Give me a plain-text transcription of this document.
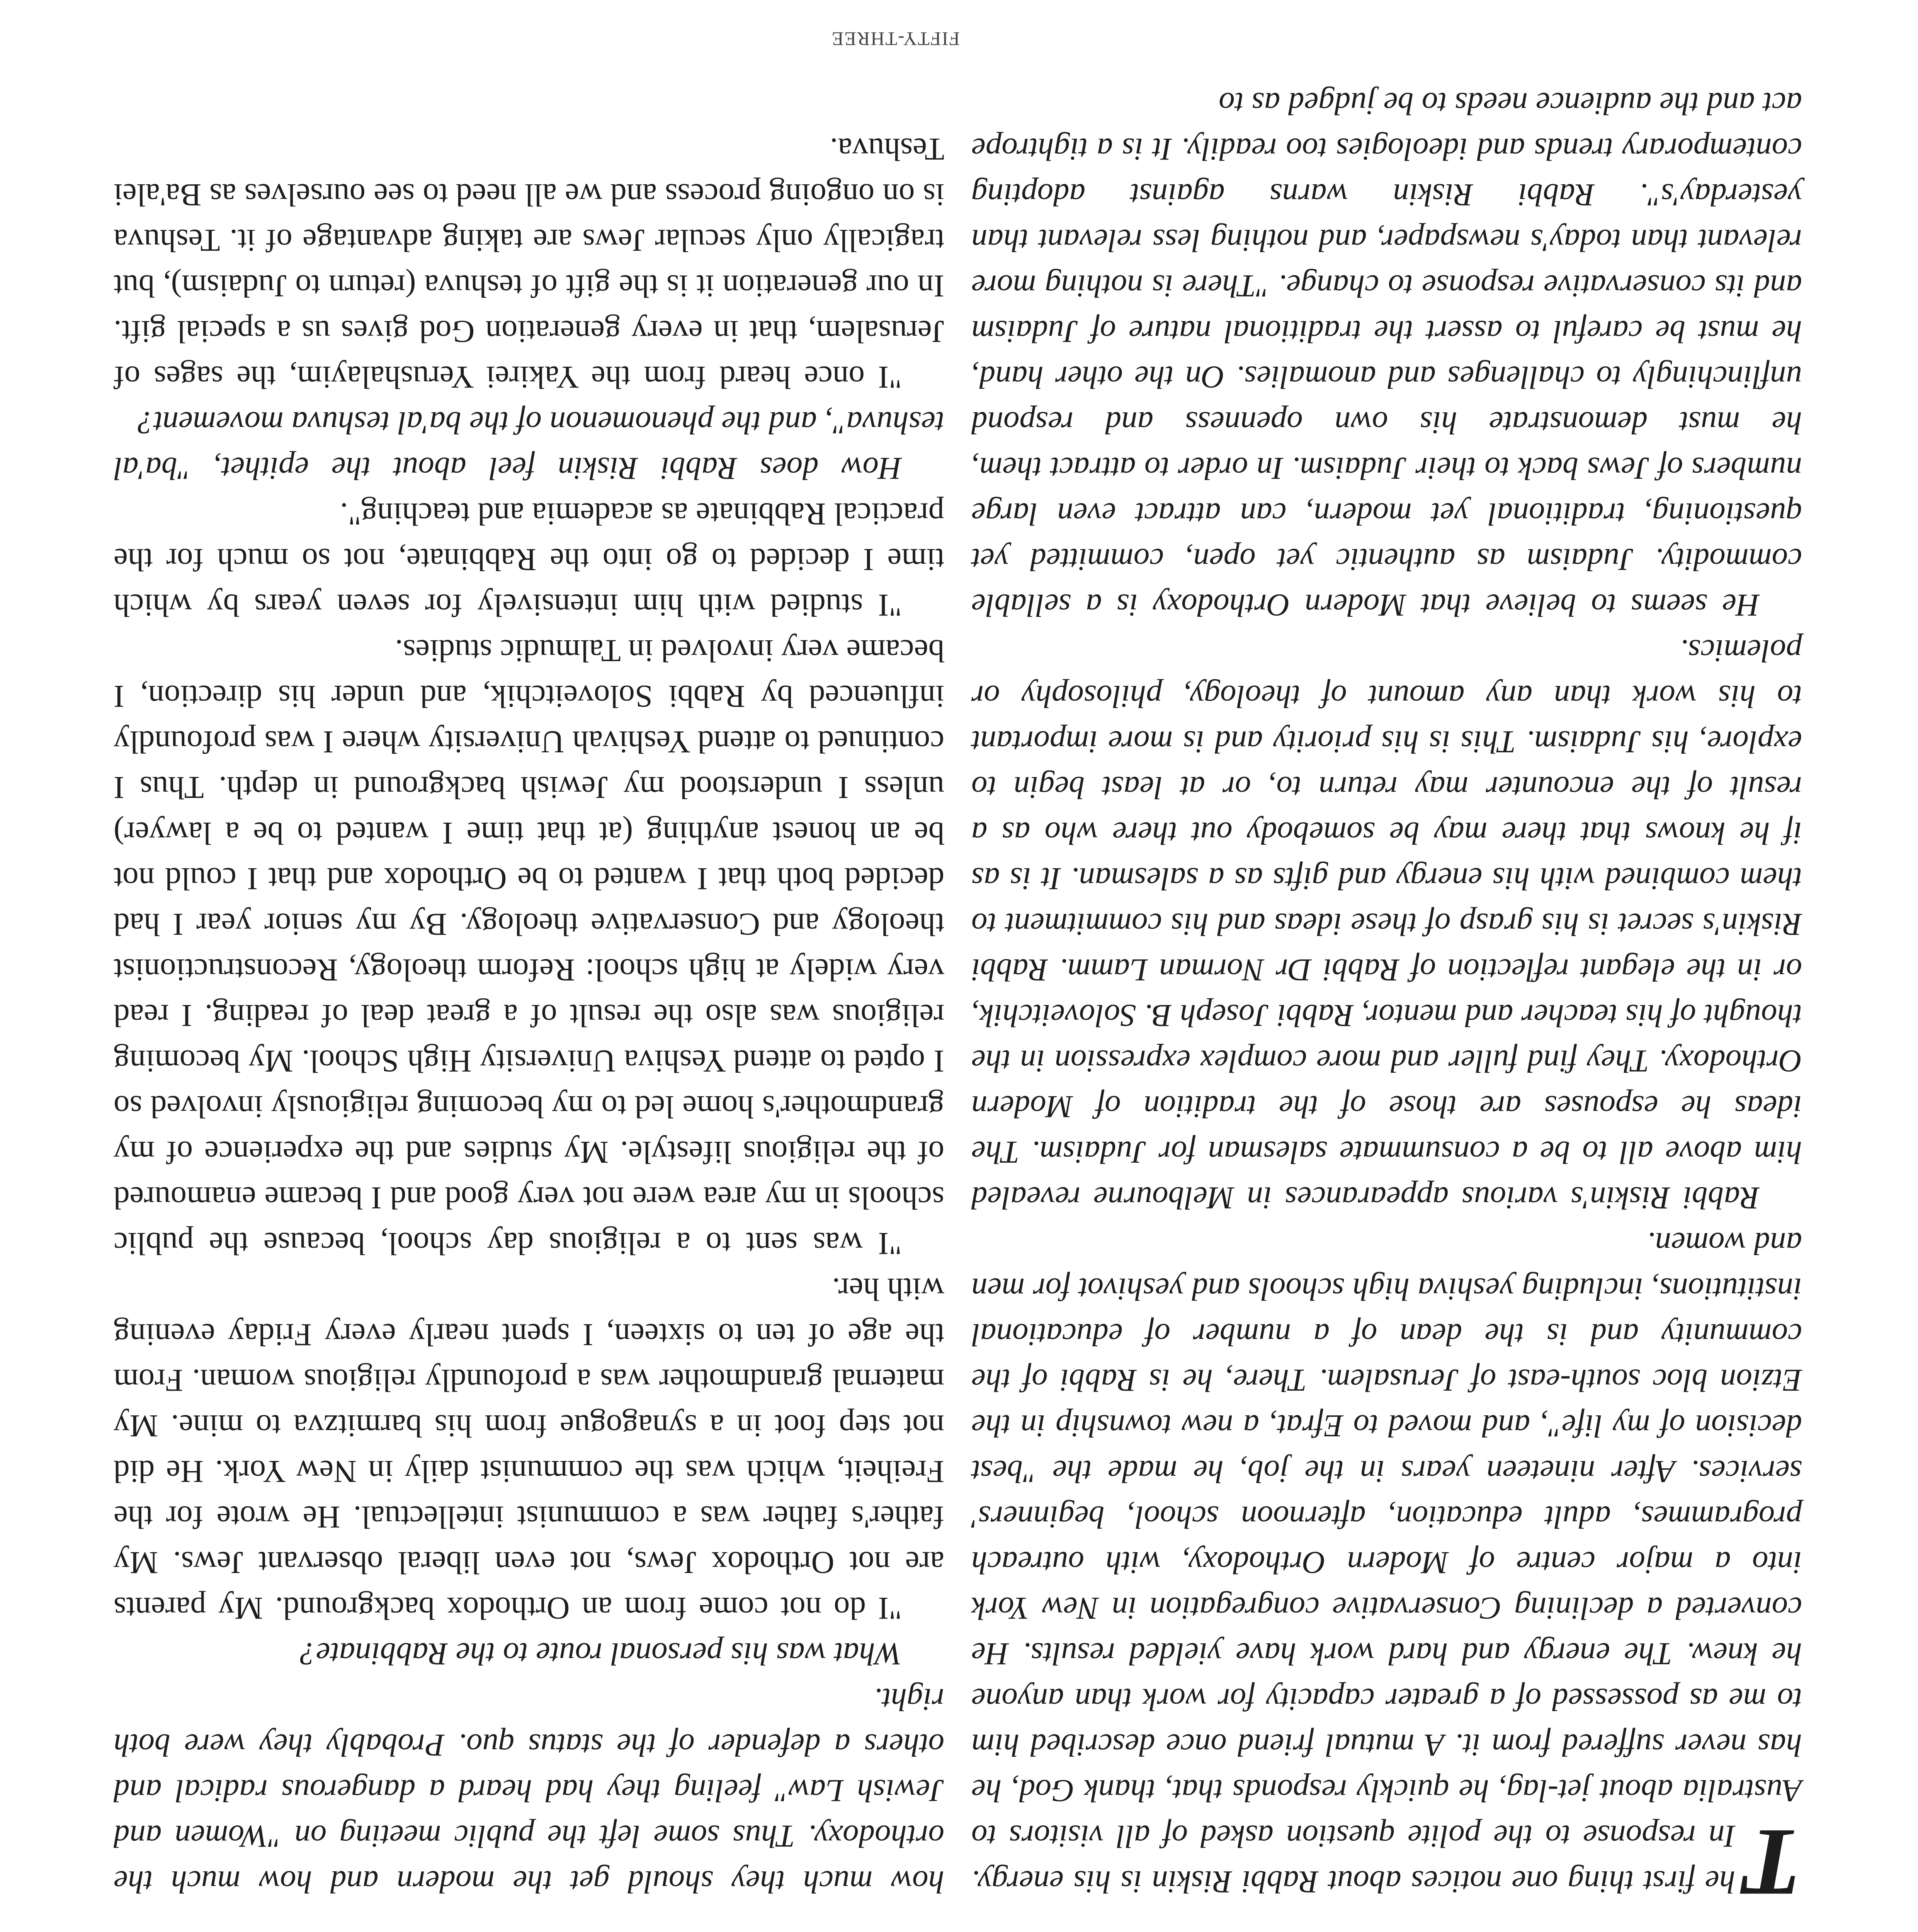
T
he first thing one notices about Rabbi Riskin is his energy. In response to the polite question asked of all visitors to Australia about jet-lag, he quickly responds that, thank God, he has never suffered from it. A mutual friend once described him to me as possessed of a greater capacity for work than anyone he knew. The energy and hard work have yielded results. He converted a declining Conservative congregation in New York into a major centre of Modern Orthodoxy, with outreach programmes, adult education, afternoon school, beginners' services. After nineteen years in the job, he made the "best decision of my life", and moved to Efrat, a new township in the Etzion bloc south-east of Jerusalem. There, he is Rabbi of the community and is the dean of a number of educational institutions, including yeshiva high schools and yeshivot for men and women.

Rabbi Riskin's various appearances in Melbourne revealed him above all to be a consummate salesman for Judaism. The ideas he espouses are those of the tradition of Modern Orthodoxy. They find fuller and more complex expression in the thought of his teacher and mentor, Rabbi Joseph B. Soloveitchik, or in the elegant reflection of Rabbi Dr Norman Lamm. Rabbi Riskin's secret is his grasp of these ideas and his commitment to them combined with his energy and gifts as a salesman. It is as if he knows that there may be somebody out there who as a result of the encounter may return to, or at least begin to explore, his Judaism. This is his priority and is more important to his work than any amount of theology, philosophy or polemics.

He seems to believe that Modern Orthodoxy is a sellable commodity. Judaism as authentic yet open, committed yet questioning, traditional yet modern, can attract even large numbers of Jews back to their Judaism. In order to attract them, he must demonstrate his own openness and respond unflinchingly to challenges and anomalies. On the other hand, he must be careful to assert the traditional nature of Judaism and its conservative response to change. "There is nothing more relevant than today's newspaper, and nothing less relevant than yesterday's". Rabbi Riskin warns against adopting contemporary trends and ideologies too readily. It is a tightrope act and the audience needs to be judged as to

how much they should get the modern and how much the orthodoxy. Thus some left the public meeting on "Women and Jewish Law" feeling they had heard a dangerous radical and others a defender of the status quo. Probably they were both right.

What was his personal route to the Rabbinate?

"I do not come from an Orthodox background. My parents are not Orthodox Jews, not even liberal observant Jews. My father's father was a communist intellectual. He wrote for the Freiheit, which was the communist daily in New York. He did not step foot in a synagogue from his barmitzva to mine. My maternal grandmother was a profoundly religious woman. From the age of ten to sixteen, I spent nearly every Friday evening with her.

"I was sent to a religious day school, because the public schools in my area were not very good and I became enamoured of the religious lifestyle. My studies and the experience of my grandmother's home led to my becoming religiously involved so I opted to attend Yeshiva University High School. My becoming religious was also the result of a great deal of reading. I read very widely at high school: Reform theology, Reconstructionist theology and Conservative theology. By my senior year I had decided both that I wanted to be Orthodox and that I could not be an honest anything (at that time I wanted to be a lawyer) unless I understood my Jewish background in depth. Thus I continued to attend Yeshivah University where I was profoundly influenced by Rabbi Soloveitchik, and under his direction, I became very involved in Talmudic studies.

"I studied with him intensively for seven years by which time I decided to go into the Rabbinate, not so much for the practical Rabbinate as academia and teaching".

How does Rabbi Riskin feel about the epithet, "ba'al teshuva", and the phenomenon of the ba'al teshuva movement?

"I once heard from the Yakirei Yerushalayim, the sages of Jerusalem, that in every generation God gives us a special gift. In our generation it is the gift of teshuva (return to Judaism), but tragically only secular Jews are taking advantage of it. Teshuva is on ongoing process and we all need to see ourselves as Ba'alei Teshuva.

FIFTY-THREE
